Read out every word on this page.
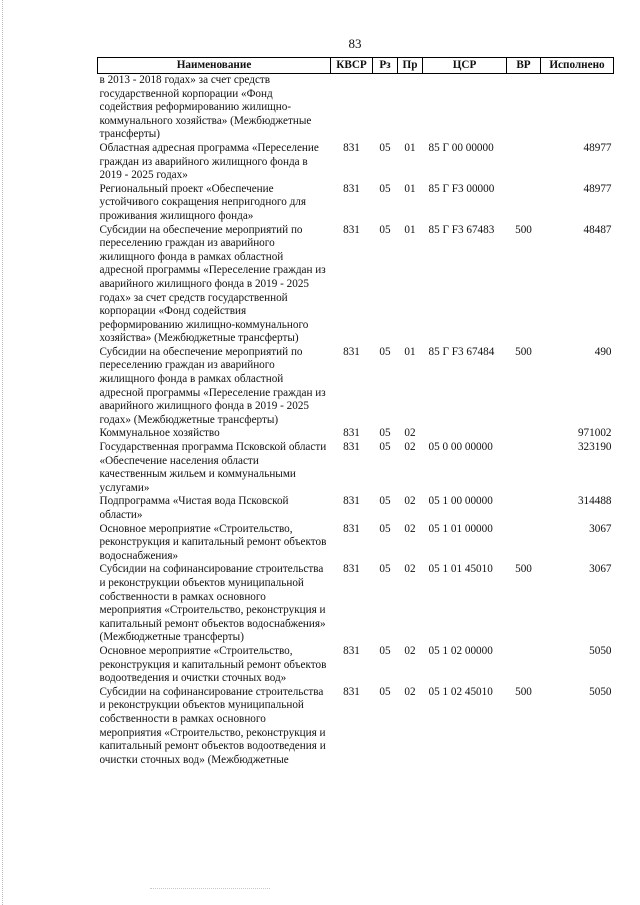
83
Наименование	КВСР	Рз	Пр	ЦСР	ВР	Исполнено
в 2013 - 2018 годах» за счет средств государственной корпорации «Фонд содействия реформированию жилищно-коммунального хозяйства» (Межбюджетные трансферты)						
Областная адресная программа «Переселение граждан из аварийного жилищного фонда в 2019 - 2025 годах»	831	05	01	85 Г 00 00000		48977
Региональный проект «Обеспечение устойчивого сокращения непригодного для проживания жилищного фонда»	831	05	01	85 Г F3 00000		48977
Субсидии на обеспечение мероприятий по переселению граждан из аварийного жилищного фонда в рамках областной адресной программы «Переселение граждан из аварийного жилищного фонда в 2019 - 2025 годах» за счет средств государственной корпорации «Фонд содействия реформированию жилищно-коммунального хозяйства» (Межбюджетные трансферты)	831	05	01	85 Г F3 67483	500	48487
Субсидии на обеспечение мероприятий по переселению граждан из аварийного жилищного фонда в рамках областной адресной программы «Переселение граждан из аварийного жилищного фонда в 2019 - 2025 годах» (Межбюджетные трансферты)	831	05	01	85 Г F3 67484	500	490
Коммунальное хозяйство	831	05	02			971002
Государственная программа Псковской области «Обеспечение населения области качественным жильем и коммунальными услугами»	831	05	02	05 0 00 00000		323190
Подпрограмма «Чистая вода Псковской области»	831	05	02	05 1 00 00000		314488
Основное мероприятие «Строительство, реконструкция и капитальный ремонт объектов водоснабжения»	831	05	02	05 1 01 00000		3067
Субсидии на софинансирование строительства и реконструкции объектов муниципальной собственности в рамках основного мероприятия «Строительство, реконструкция и капитальный ремонт объектов водоснабжения» (Межбюджетные трансферты)	831	05	02	05 1 01 45010	500	3067
Основное мероприятие «Строительство, реконструкция и капитальный ремонт объектов водоотведения и очистки сточных вод»	831	05	02	05 1 02 00000		5050
Субсидии на софинансирование строительства и реконструкции объектов муниципальной собственности в рамках основного мероприятия «Строительство, реконструкция и капитальный ремонт объектов водоотведения и очистки сточных вод» (Межбюджетные	831	05	02	05 1 02 45010	500	5050
